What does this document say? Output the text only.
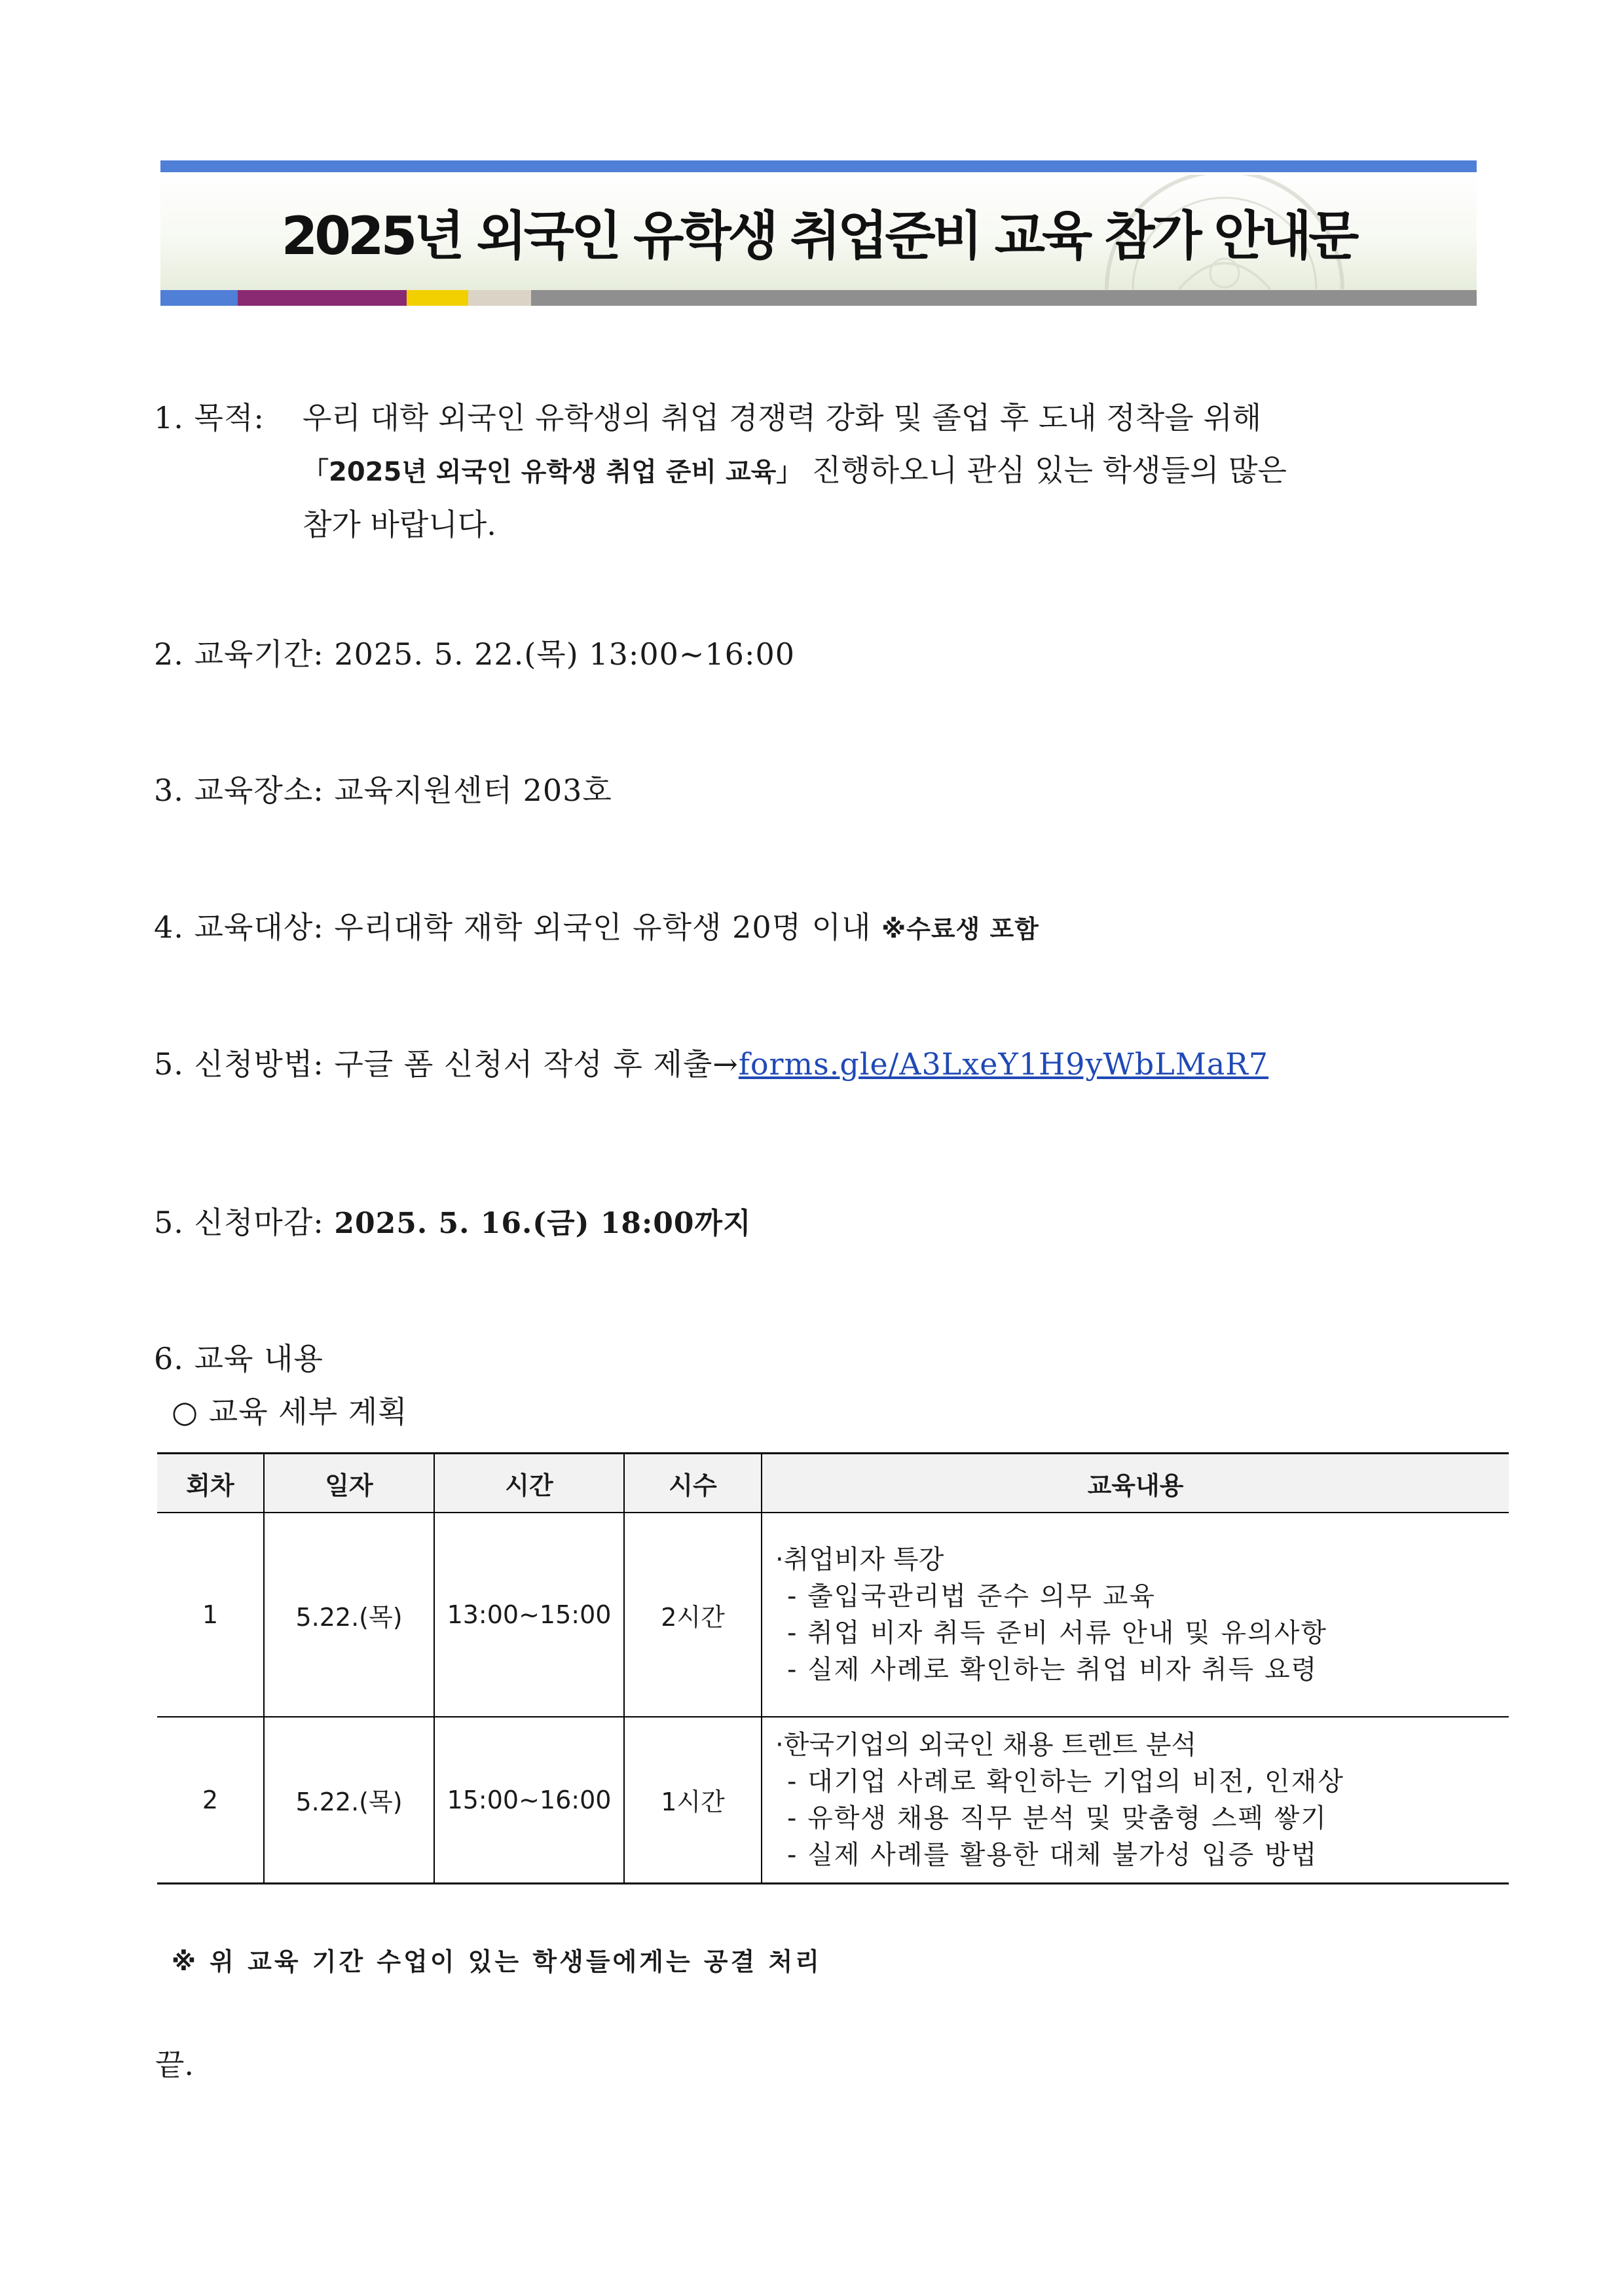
2025년 외국인 유학생 취업준비 교육 참가 안내문
1. 목적: 우리 대학 외국인 유학생의 취업 경쟁력 강화 및 졸업 후 도내 정착을 위해
「2025년 외국인 유학생 취업 준비 교육」 진행하오니 관심 있는 학생들의 많은
참가 바랍니다.
2. 교육기간: 2025. 5. 22.(목) 13:00~16:00
3. 교육장소: 교육지원센터 203호
4. 교육대상: 우리대학 재학 외국인 유학생 20명 이내 ※수료생 포함
5. 신청방법: 구글 폼 신청서 작성 후 제출→forms.gle/A3LxeY1H9yWbLMaR7
5. 신청마감: 2025. 5. 16.(금) 18:00까지
6. 교육 내용
○ 교육 세부 계획
회차	일자	시간	시수	교육내용
1	5.22.(목)	13:00~15:00	2시간	·취업비자 특강
- 출입국관리법 준수 의무 교육
- 취업 비자 취득 준비 서류 안내 및 유의사항
- 실제 사례로 확인하는 취업 비자 취득 요령

2	5.22.(목)	15:00~16:00	1시간	·한국기업의 외국인 채용 트렌트 분석
- 대기업 사례로 확인하는 기업의 비전, 인재상
- 유학생 채용 직무 분석 및 맞춤형 스펙 쌓기
- 실제 사례를 활용한 대체 불가성 입증 방법
※ 위 교육 기간 수업이 있는 학생들에게는 공결 처리
끝.
